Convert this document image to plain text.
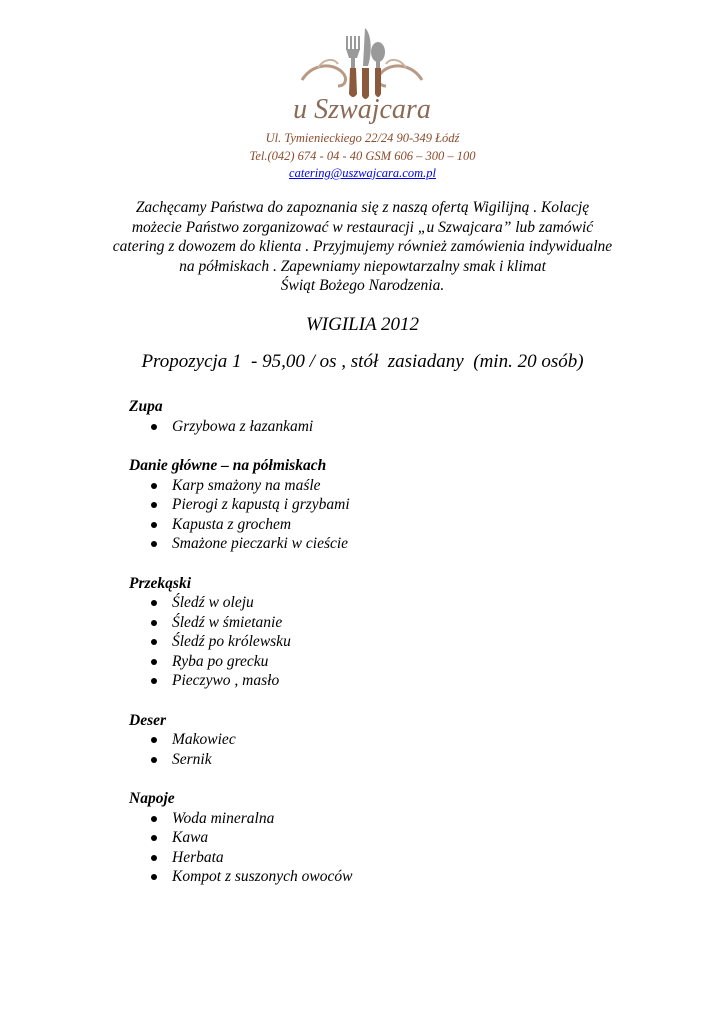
u Szwajcara
Ul. Tymienieckiego 22/24 90-349 Łódź
Tel.(042) 674 - 04 - 40 GSM 606 – 300 – 100
catering@uszwajcara.com.pl
Zachęcamy Państwa do zapoznania się z naszą ofertą Wigilijną . Kolację
możecie Państwo zorganizować w restauracji „u Szwajcara” lub zamówić
catering z dowozem do klienta . Przyjmujemy również zamówienia indywidualne
na półmiskach . Zapewniamy niepowtarzalny smak i klimat
Świąt Bożego Narodzenia.
WIGILIA 2012
Propozycja 1  - 95,00 / os , stół  zasiadany  (min. 20 osób)
Zupa
Grzybowa z łazankami
Danie główne – na półmiskach
Karp smażony na maśle
Pierogi z kapustą i grzybami
Kapusta z grochem
Smażone pieczarki w cieście
Przekąski
Śledź w oleju
Śledź w śmietanie
Śledź po królewsku
Ryba po grecku
Pieczywo , masło
Deser
Makowiec
Sernik
Napoje
Woda mineralna
Kawa
Herbata
Kompot z suszonych owoców
